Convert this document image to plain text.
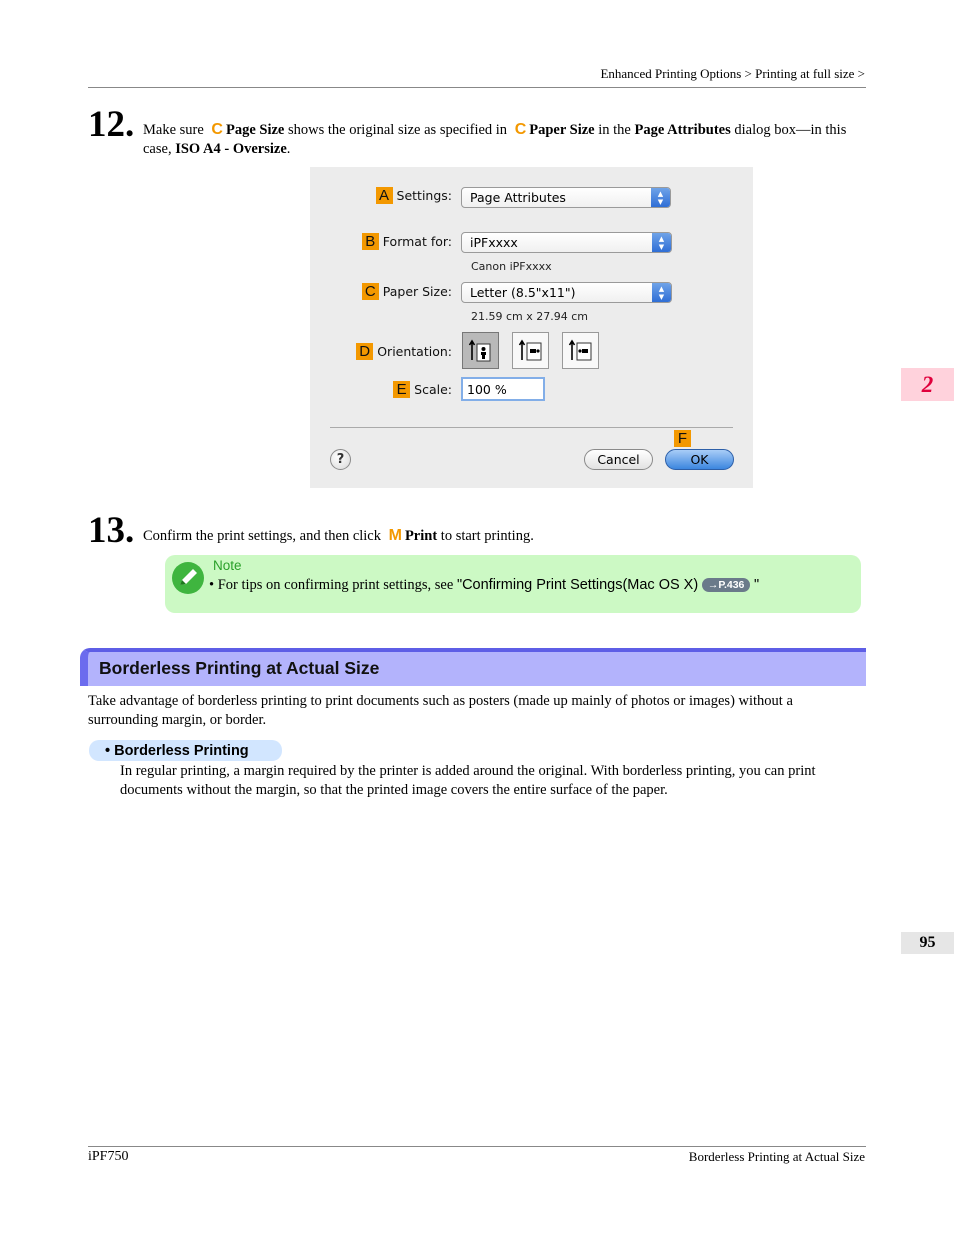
Enhanced Printing Options > Printing at full size >
12. Make sure C Page Size shows the original size as specified in C Paper Size in the Page Attributes dialog box—in this case, ISO A4 - Oversize.
A Settings: Page Attributes	▲
▼
B Format for: iPFxxxx	▲
▼
Canon iPFxxxx
C Paper Size: Letter (8.5"x11")	▲
▼
21.59 cm x 27.94 cm
D Orientation:
E Scale:	100 %
F
?	Cancel	OK
13. Confirm the print settings, and then click M Print to start printing.
Note
• For tips on confirming print settings, see "Confirming Print Settings(Mac OS X) →P.436 "
Borderless Printing at Actual Size
Take advantage of borderless printing to print documents such as posters (made up mainly of photos or images) without a surrounding margin, or border.
• Borderless Printing
In regular printing, a margin required by the printer is added around the original. With borderless printing, you can print documents without the margin, so that the printed image covers the entire surface of the paper.
2
95
iPF750	Borderless Printing at Actual Size
